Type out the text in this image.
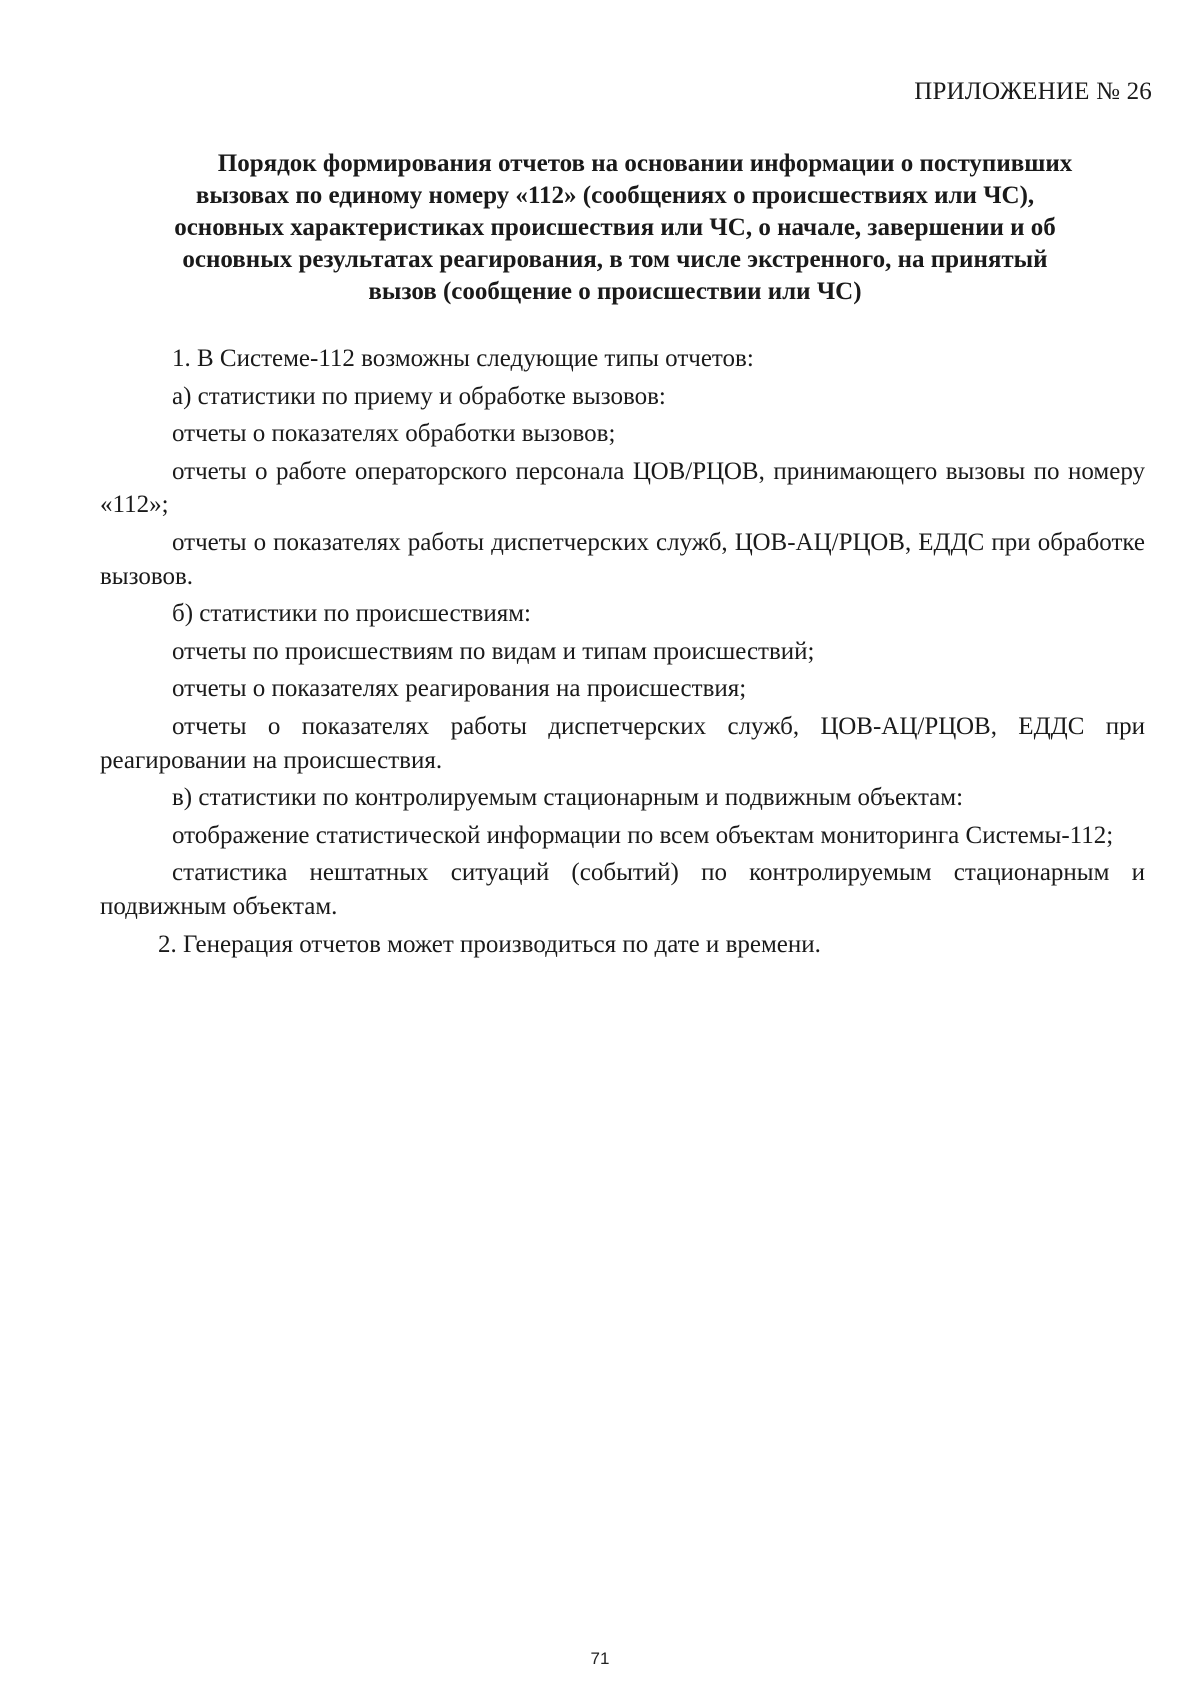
ПРИЛОЖЕНИЕ № 26
Порядок формирования отчетов на основании информации о поступивших
вызовах по единому номеру «112» (сообщениях о происшествиях или ЧС),
основных характеристиках происшествия или ЧС, о начале, завершении и об
основных результатах реагирования, в том числе экстренного, на принятый
вызов (сообщение о происшествии или ЧС)

1. В Системе-112 возможны следующие типы отчетов:

а) статистики по приему и обработке вызовов:

отчеты о показателях обработки вызовов;

отчеты о работе операторского персонала ЦОВ/РЦОВ, принимающего вызовы по номеру «112»;

отчеты о показателях работы диспетчерских служб, ЦОВ-АЦ/РЦОВ, ЕДДС при обработке вызовов.

б) статистики по происшествиям:

отчеты по происшествиям по видам и типам происшествий;

отчеты о показателях реагирования на происшествия;

отчеты о показателях работы диспетчерских служб, ЦОВ-АЦ/РЦОВ, ЕДДС при реагировании на происшествия.

в) статистики по контролируемым стационарным и подвижным объектам:

отображение статистической информации по всем объектам мониторинга Системы-112;

статистика нештатных ситуаций (событий) по контролируемым стационарным и подвижным объектам.

2. Генерация отчетов может производиться по дате и времени.

71
